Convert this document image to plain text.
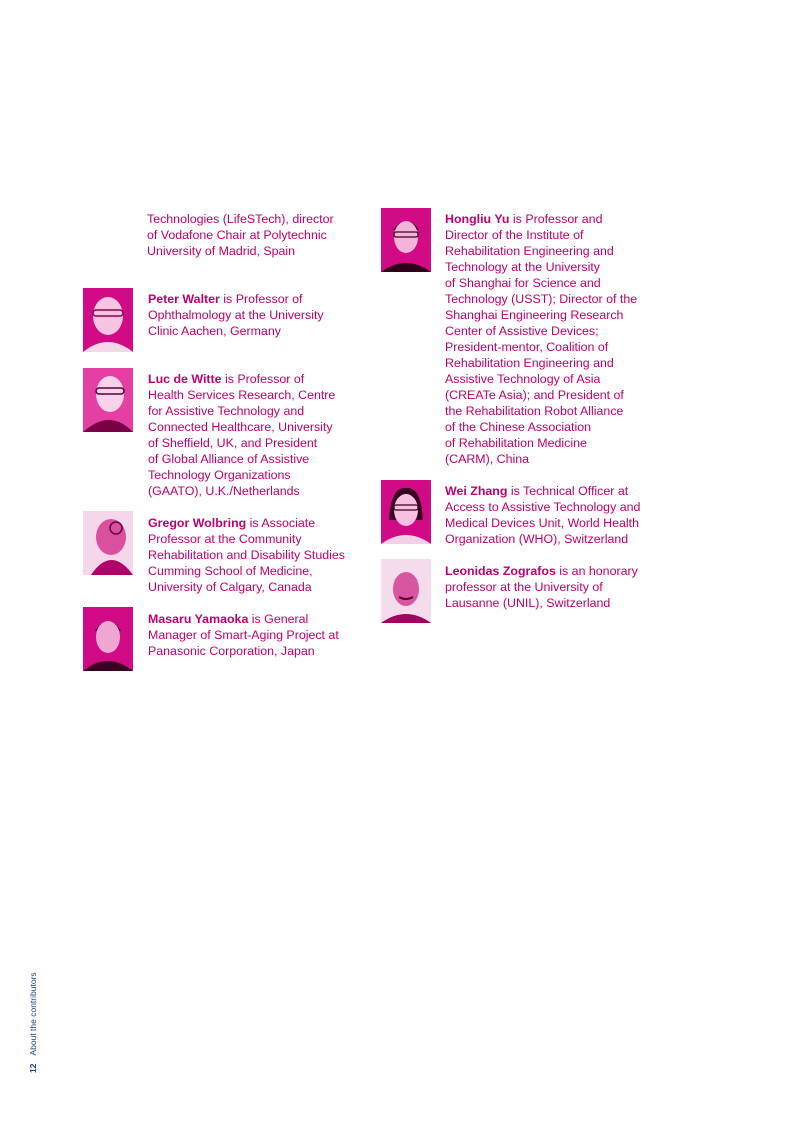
Technologies (LifeSTech), director
of Vodafone Chair at Polytechnic
University of Madrid, Spain
Peter Walter is Professor of
Ophthalmology at the University
Clinic Aachen, Germany
Luc de Witte is Professor of
Health Services Research, Centre
for Assistive Technology and
Connected Healthcare, University
of Sheffield, UK, and President
of Global Alliance of Assistive
Technology Organizations
(GAATO), U.K./Netherlands
Gregor Wolbring is Associate
Professor at the Community
Rehabilitation and Disability Studies
Cumming School of Medicine,
University of Calgary, Canada
Masaru Yamaoka is General
Manager of Smart-Aging Project at
Panasonic Corporation, Japan
Hongliu Yu is Professor and
Director of the Institute of
Rehabilitation Engineering and
Technology at the University
of Shanghai for Science and
Technology (USST); Director of the
Shanghai Engineering Research
Center of Assistive Devices;
President-mentor, Coalition of
Rehabilitation Engineering and
Assistive Technology of Asia
(CREATe Asia); and President of
the Rehabilitation Robot Alliance
of the Chinese Association
of Rehabilitation Medicine
(CARM), China
Wei Zhang is Technical Officer at
Access to Assistive Technology and
Medical Devices Unit, World Health
Organization (WHO), Switzerland
Leonidas Zografos is an honorary
professor at the University of
Lausanne (UNIL), Switzerland
12
About the contributors
